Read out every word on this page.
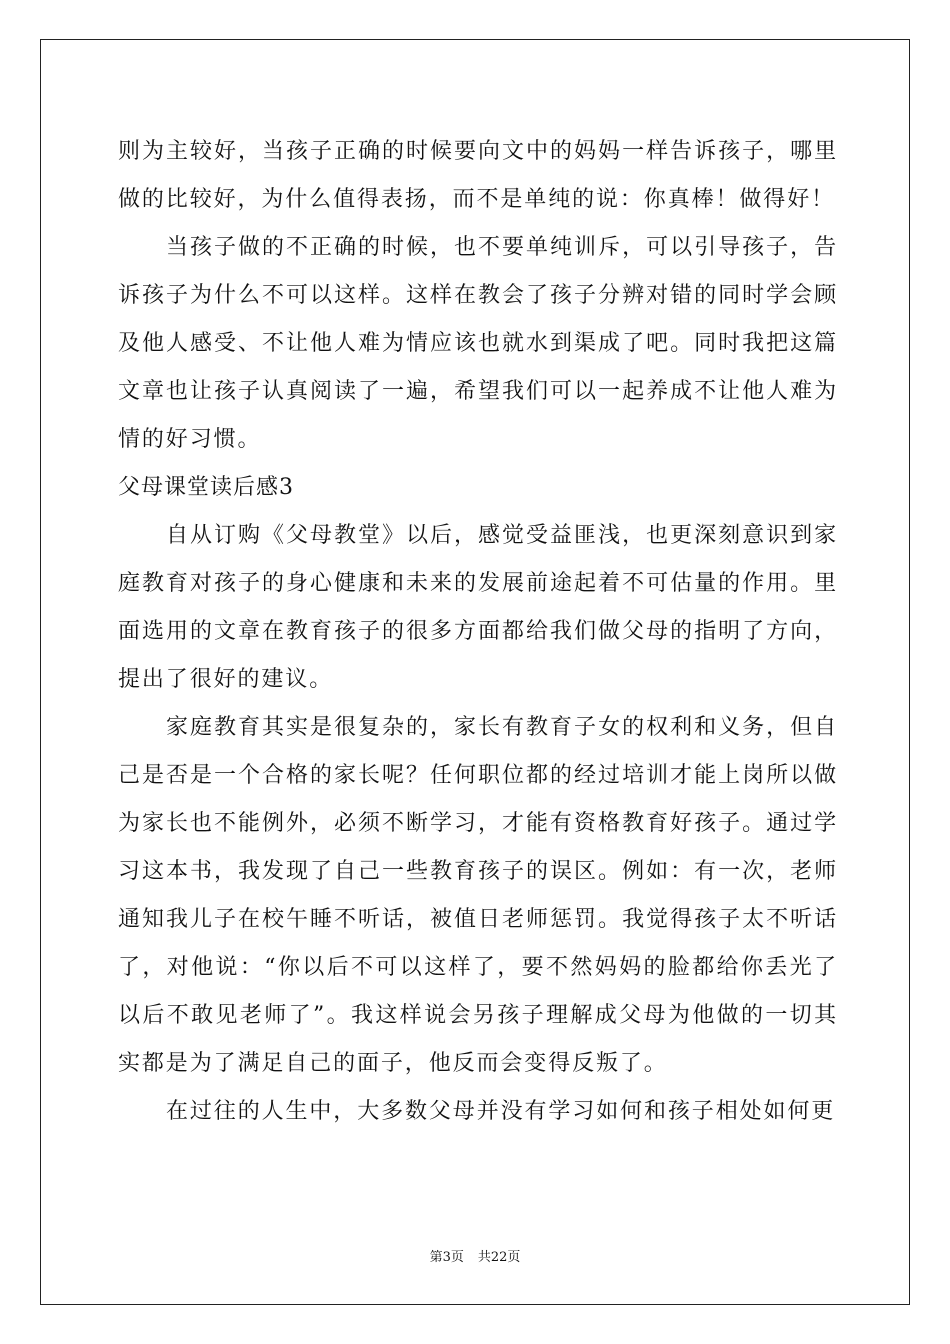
则为主较好，当孩子正确的时候要向文中的妈妈一样告诉孩子，哪里做的比较好，为什么值得表扬，而不是单纯的说：你真棒！做得好！

当孩子做的不正确的时候，也不要单纯训斥，可以引导孩子，告诉孩子为什么不可以这样。这样在教会了孩子分辨对错的同时学会顾及他人感受、不让他人难为情应该也就水到渠成了吧。同时我把这篇文章也让孩子认真阅读了一遍，希望我们可以一起养成不让他人难为情的好习惯。

父母课堂读后感3

自从订购《父母教堂》以后，感觉受益匪浅，也更深刻意识到家庭教育对孩子的身心健康和未来的发展前途起着不可估量的作用。里面选用的文章在教育孩子的很多方面都给我们做父母的指明了方向，提出了很好的建议。

家庭教育其实是很复杂的，家长有教育子女的权利和义务，但自己是否是一个合格的家长呢？任何职位都的经过培训才能上岗所以做为家长也不能例外，必须不断学习，才能有资格教育好孩子。通过学习这本书，我发现了自己一些教育孩子的误区。例如：有一次，老师通知我儿子在校午睡不听话，被值日老师惩罚。我觉得孩子太不听话了，对他说：“你以后不可以这样了，要不然妈妈的脸都给你丢光了以后不敢见老师了”。我这样说会另孩子理解成父母为他做的一切其实都是为了满足自己的面子，他反而会变得反叛了。

在过往的人生中，大多数父母并没有学习如何和孩子相处如何更

第3页 共22页
